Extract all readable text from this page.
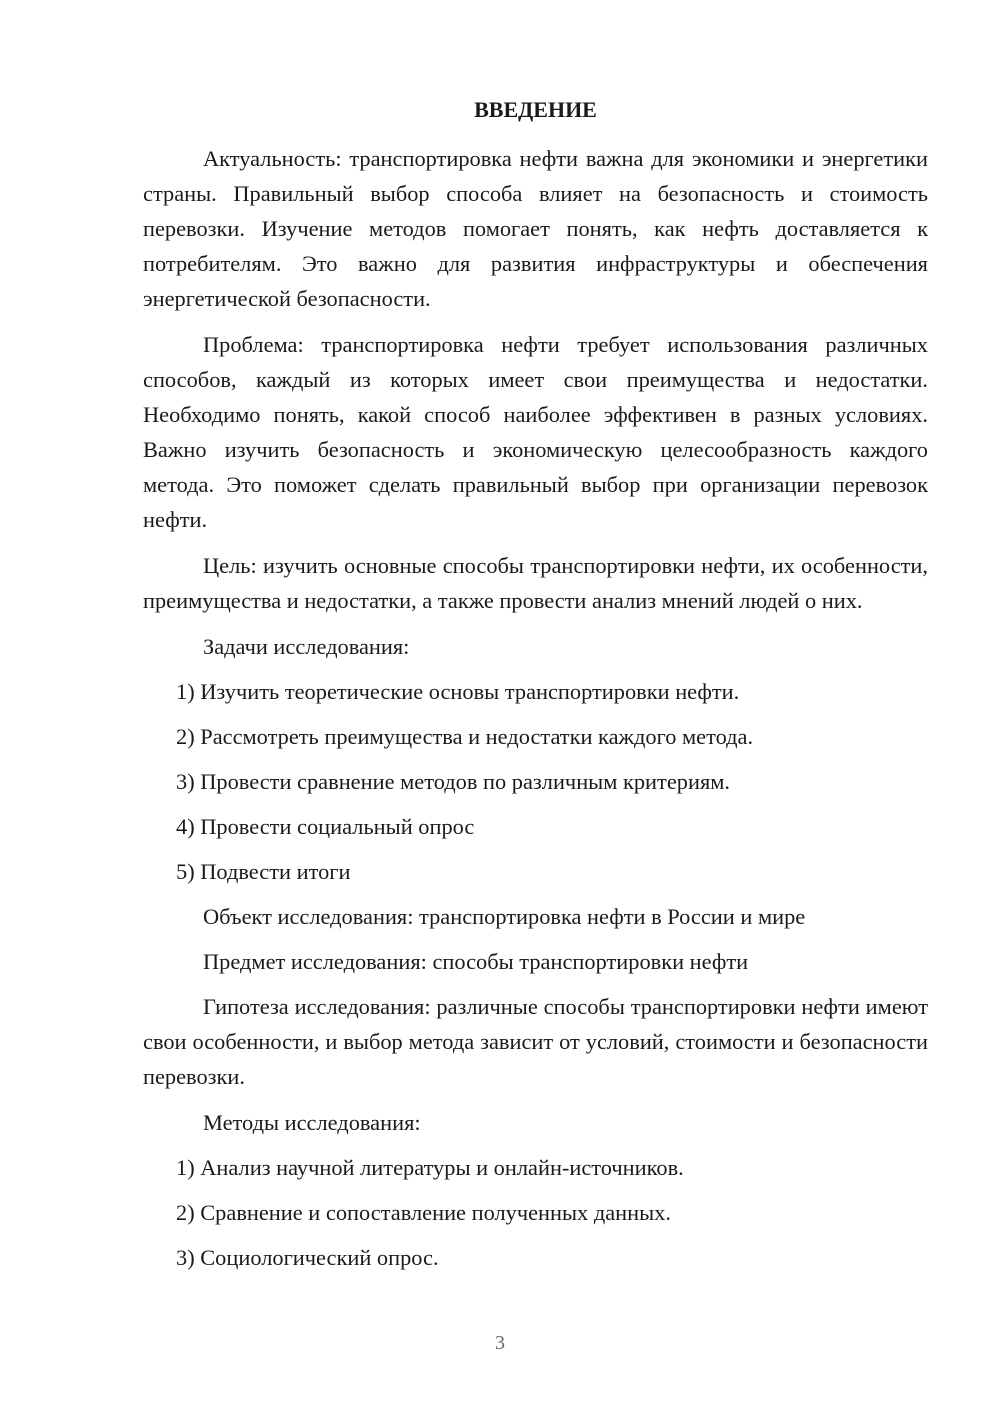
ВВЕДЕНИЕ
Актуальность: транспортировка нефти важна для экономики и энергетики страны. Правильный выбор способа влияет на безопасность и стоимость перевозки. Изучение методов помогает понять, как нефть доставляется к потребителям. Это важно для развития инфраструктуры и обеспечения энергетической безопасности.
Проблема: транспортировка нефти требует использования различных способов, каждый из которых имеет свои преимущества и недостатки. Необходимо понять, какой способ наиболее эффективен в разных условиях. Важно изучить безопасность и экономическую целесообразность каждого метода. Это поможет сделать правильный выбор при организации перевозок нефти.
Цель: изучить основные способы транспортировки нефти, их особенности, преимущества и недостатки, а также провести анализ мнений людей о них.
Задачи исследования:
1) Изучить теоретические основы транспортировки нефти.
2) Рассмотреть преимущества и недостатки каждого метода.
3) Провести сравнение методов по различным критериям.
4) Провести социальный опрос
5) Подвести итоги
Объект исследования: транспортировка нефти в России и мире
Предмет исследования: способы транспортировки нефти
Гипотеза исследования: различные способы транспортировки нефти имеют свои особенности, и выбор метода зависит от условий, стоимости и безопасности перевозки.
Методы исследования:
1) Анализ научной литературы и онлайн-источников.
2) Сравнение и сопоставление полученных данных.
3) Социологический опрос.
3
